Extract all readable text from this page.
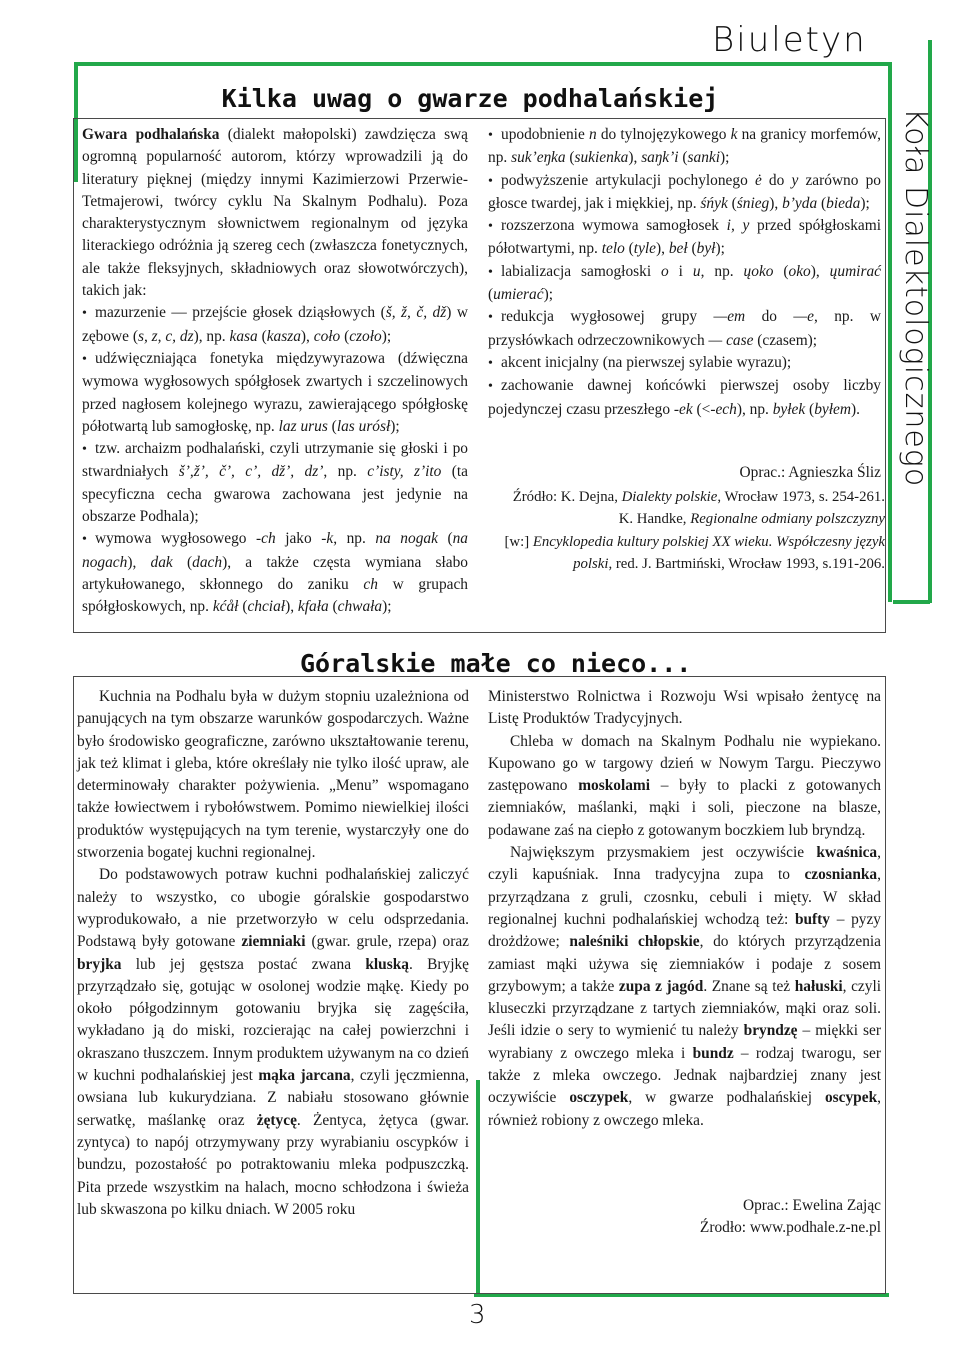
Biuletyn
Koła Dialektologicznego
Kilka uwag o gwarze podhalańskiej

Gwara podhalańska (dialekt małopolski) zawdzięcza swą ogromną popularność autorom, którzy wprowadzili ją do literatury pięknej (między innymi Kazimierzowi Przerwie-Tetmajerowi, twórcy cyklu Na Skalnym Podhalu). Poza charakterystycznym słownictwem regionalnym od języka literackiego odróżnia ją szereg cech (zwłaszcza fonetycznych, ale także fleksyjnych, składniowych oraz słowotwórczych), takich jak:

• mazurzenie — przejście głosek dziąsłowych (š, ž, č, dž) w zębowe (s, z, c, dz), np. kasa (kasza), coło (czoło);

• udźwięczniająca fonetyka międzywyrazowa (dźwięczna wymowa wygłosowych spółgłosek zwartych i szczelinowych przed nagłosem kolejnego wyrazu, zawierającego spółgłoskę półotwartą lub samogłoskę, np. laz urus (las urósł);

• tzw. archaizm podhalański, czyli utrzymanie się głoski i po stwardniałych š’,ž’, č’, c’, dž’, dz’, np. c’isty, z’ito (ta specyficzna cecha gwarowa zachowana jest jedynie na obszarze Podhala);

• wymowa wygłosowego -ch jako -k, np. na nogak (na nogach), dak (dach), a także częsta wymiana słabo artykułowanego, skłonnego do zaniku ch w grupach spółgłoskowych, np. kćåł (chciał), kfała (chwała);

• upodobnienie n do tylnojęzykowego k na granicy morfemów, np. suk’eŋka (sukienka), saŋk’i (sanki);

• podwyższenie artykulacji pochylonego ė do y zarówno po głosce twardej, jak i miękkiej, np. śńyk (śnieg), b’yda (bieda);

• rozszerzona wymowa samogłosek i, y przed spółgłoskami półotwartymi, np. telo (tyle), beł (był);

• labializacja samogłoski o i u, np. ųoko (oko), ųumirać (umierać);

• redukcja wygłosowej grupy —em do —e, np. w przysłówkach odrzeczownikowych — case (czasem);

• akcent inicjalny (na pierwszej sylabie wyrazu);

• zachowanie dawnej końcówki pierwszej osoby liczby pojedynczej czasu przeszłego -ek (<-ech), np. byłek (byłem).

Oprac.: Agnieszka Śliz
Źródło: K. Dejna, Dialekty polskie, Wrocław 1973, s. 254-261.
K. Handke, Regionalne odmiany polszczyzny
[w:] Encyklopedia kultury polskiej XX wieku. Współczesny język polski, red. J. Bartmiński, Wrocław 1993, s.191-206.
Góralskie małe co nieco...

Kuchnia na Podhalu była w dużym stopniu uzależniona od panujących na tym obszarze warunków gospodarczych. Ważne było środowisko geograficzne, zarówno ukształtowanie terenu, jak też klimat i gleba, które określały nie tylko ilość upraw, ale determinowały charakter pożywienia. „Menu” wspomagano także łowiectwem i rybołówstwem. Pomimo niewielkiej ilości produktów występujących na tym terenie, wystarczyły one do stworzenia bogatej kuchni regionalnej.

Do podstawowych potraw kuchni podhalańskiej zaliczyć należy to wszystko, co ubogie góralskie gospodarstwo wyprodukowało, a nie przetworzyło w celu odsprzedania. Podstawą były gotowane ziemniaki (gwar. grule, rzepa) oraz bryjka lub jej gęstsza postać zwana kluską. Bryjkę przyrządzało się, gotując w osolonej wodzie mąkę. Kiedy po około półgodzinnym gotowaniu bryjka się zagęściła, wykładano ją do miski, rozcierając na całej powierzchni i okraszano tłuszczem. Innym produktem używanym na co dzień w kuchni podhalańskiej jest mąka jarcana, czyli jęczmienna, owsiana lub kukurydziana. Z nabiału stosowano głównie serwatkę, maślankę oraz żętycę. Żentyca, żętyca (gwar. zyntyca) to napój otrzymywany przy wyrabianiu oscypków i bundzu, pozostałość po potraktowaniu mleka podpuszczką. Pita przede wszystkim na halach, mocno schłodzona i świeża lub skwaszona po kilku dniach. W 2005 roku

Ministerstwo Rolnictwa i Rozwoju Wsi wpisało żentycę na Listę Produktów Tradycyjnych.

Chleba w domach na Skalnym Podhalu nie wypiekano. Kupowano go w targowy dzień w Nowym Targu. Pieczywo zastępowano moskolami – były to placki z gotowanych ziemniaków, maślanki, mąki i soli, pieczone na blasze, podawane zaś na ciepło z gotowanym boczkiem lub bryndzą.

Największym przysmakiem jest oczywiście kwaśnica, czyli kapuśniak. Inna tradycyjna zupa to czosnianka, przyrządzana z gruli, czosnku, cebuli i mięty. W skład regionalnej kuchni podhalańskiej wchodzą też: bufty – pyzy drożdżowe; naleśniki chłopskie, do których przyrządzenia zamiast mąki używa się ziemniaków i podaje z sosem grzybowym; a także zupa z jagód. Znane są też hałuski, czyli kluseczki przyrządzane z tartych ziemniaków, mąki oraz soli. Jeśli idzie o sery to wymienić tu należy bryndzę – miękki ser wyrabiany z owczego mleka i bundz – rodzaj twarogu, ser także z mleka owczego. Jednak najbardziej znany jest oczywiście osczypek, w gwarze podhalańskiej oscypek, również robiony z owczego mleka.

Oprac.: Ewelina Zając
Źrodło: www.podhale.z-ne.pl
3
